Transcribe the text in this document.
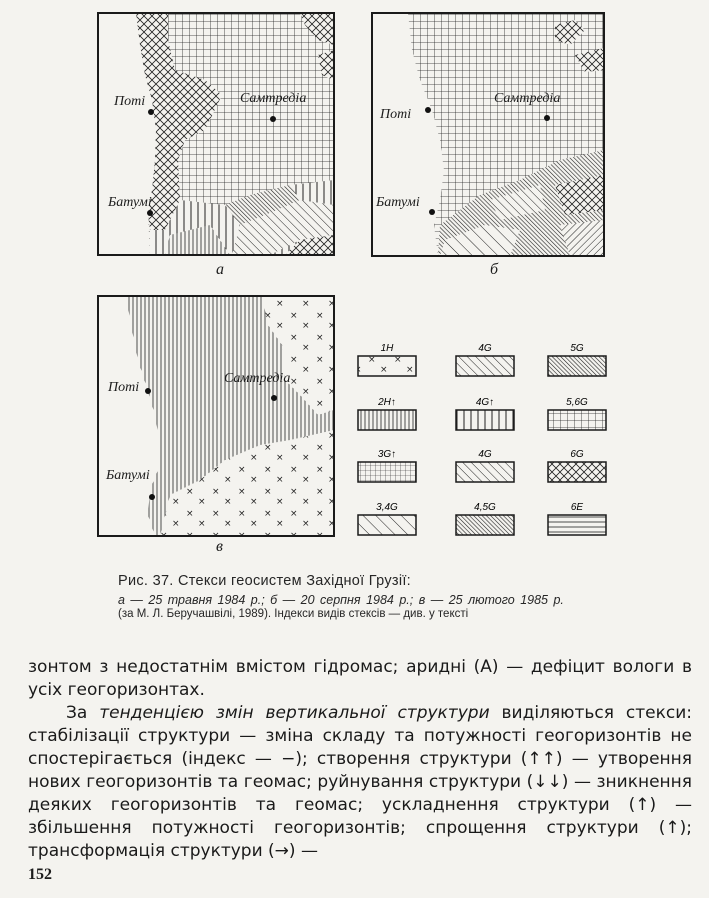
1Н	4G	5G
2Н↑	4G↑	5,6G
3G↑	4G	6G
3,4G	4,5G	6Е
Поті	Самтредіа
Батумі
а
Поті
Самтредіа
Батумі
б
Поті
Самтредіа
Батумі
в
Рис. 37. Стекси геосистем Західної Грузії:
а — 25 травня 1984 р.; б — 20 серпня 1984 р.; в — 25 лютого 1985 р.
(за М. Л. Беручашвілі, 1989). Індекси видів стексів — див. у тексті

зонтом з недостатнім вмістом гідромас; аридні (А) — дефіцит вологи в усіх геогоризонтах.

За тенденцією змін вертикальної структури виділяються стекси: стабілізації структури — зміна складу та потужності геогоризонтів не спостерігається (індекс — −); створення структури (↑↑) — утворення нових геогоризонтів та геомас; руйнування структури (↓↓) — зникнення деяких геогоризонтів та геомас; ускладнення структури (↑) — збільшення потужності геогоризонтів; спрощення структури (↑); трансформація структури (→) —

152
